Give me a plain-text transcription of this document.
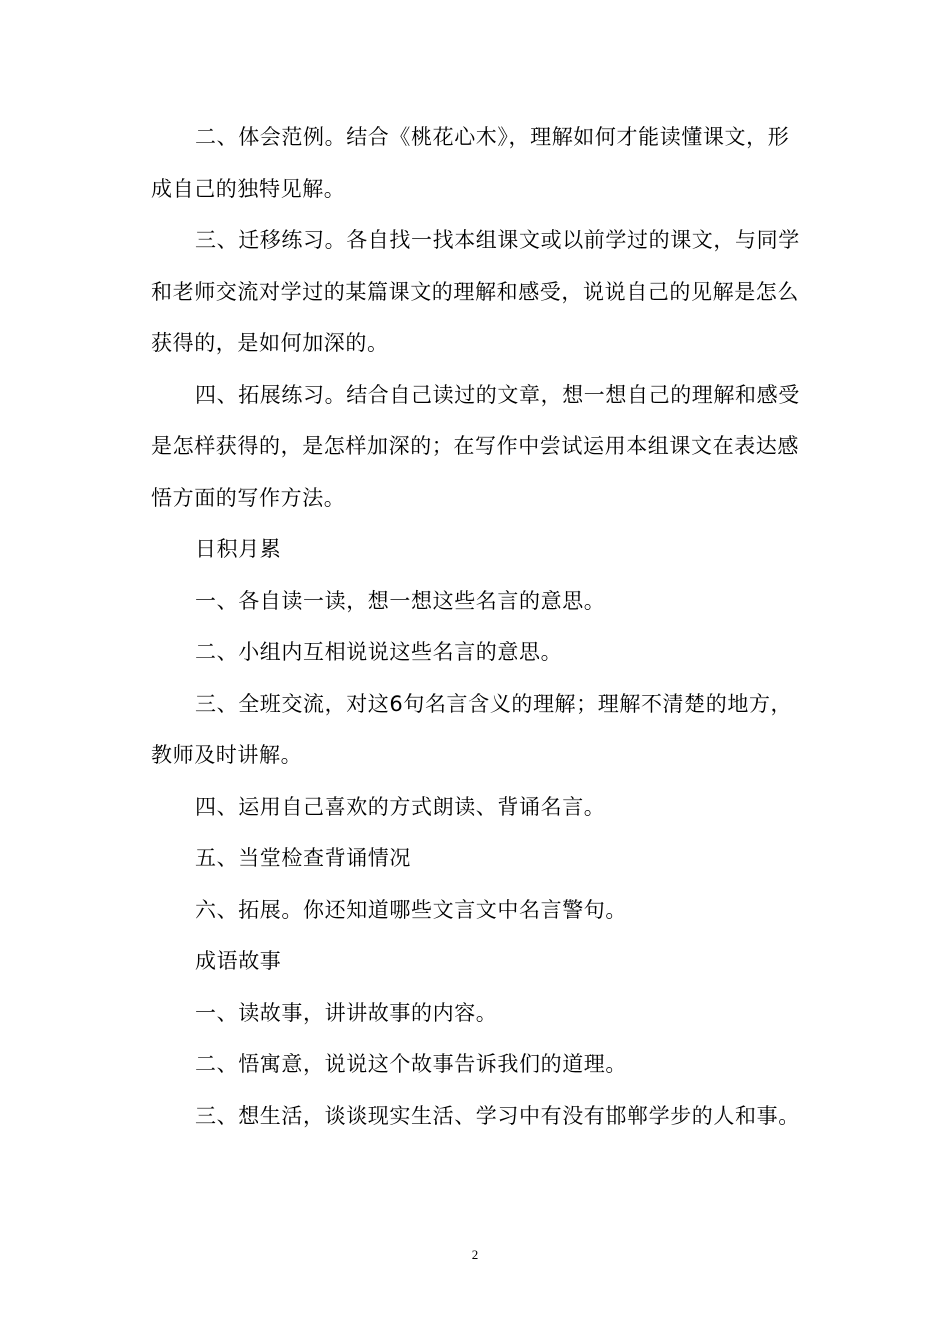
二、体会范例。结合《桃花心木》，理解如何才能读懂课文，形成自己的独特见解。

三、迁移练习。各自找一找本组课文或以前学过的课文，与同学和老师交流对学过的某篇课文的理解和感受，说说自己的见解是怎么获得的，是如何加深的。

四、拓展练习。结合自己读过的文章，想一想自己的理解和感受是怎样获得的，是怎样加深的；在写作中尝试运用本组课文在表达感悟方面的写作方法。

日积月累

一、各自读一读，想一想这些名言的意思。

二、小组内互相说说这些名言的意思。

三、全班交流，对这6句名言含义的理解；理解不清楚的地方，教师及时讲解。

四、运用自己喜欢的方式朗读、背诵名言。

五、当堂检查背诵情况

六、拓展。你还知道哪些文言文中名言警句。

成语故事

一、读故事，讲讲故事的内容。

二、悟寓意，说说这个故事告诉我们的道理。

三、想生活，谈谈现实生活、学习中有没有邯郸学步的人和事。

2
